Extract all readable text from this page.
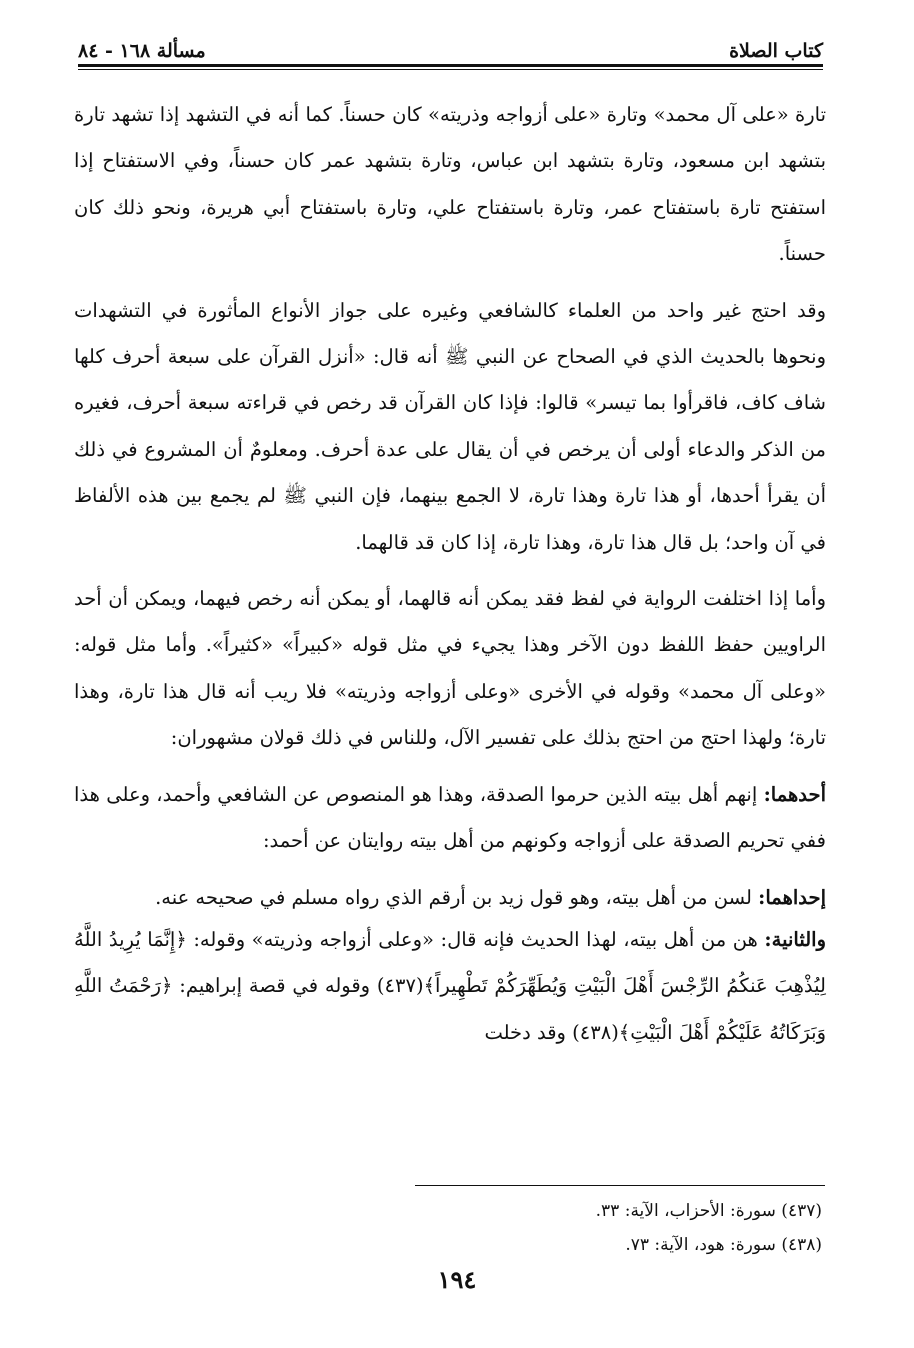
مسألة ١٦٨ - ٨٤	كتاب الصلاة

تارة «على آل محمد» وتارة «على أزواجه وذريته» كان حسناً. كما أنه في التشهد إذا تشهد تارة بتشهد ابن مسعود، وتارة بتشهد ابن عباس، وتارة بتشهد عمر كان حسناً، وفي الاستفتاح إذا استفتح تارة باستفتاح عمر، وتارة باستفتاح علي، وتارة باستفتاح أبي هريرة، ونحو ذلك كان حسناً.

وقد احتج غير واحد من العلماء كالشافعي وغيره على جواز الأنواع المأثورة في التشهدات ونحوها بالحديث الذي في الصحاح عن النبي ﷺ أنه قال: «أنزل القرآن على سبعة أحرف كلها شاف كاف، فاقرأوا بما تيسر» قالوا: فإذا كان القرآن قد رخص في قراءته سبعة أحرف، فغيره من الذكر والدعاء أولى أن يرخص في أن يقال على عدة أحرف. ومعلومٌ أن المشروع في ذلك أن يقرأ أحدها، أو هذا تارة وهذا تارة، لا الجمع بينهما، فإن النبي ﷺ لم يجمع بين هذه الألفاظ في آن واحد؛ بل قال هذا تارة، وهذا تارة، إذا كان قد قالهما.

وأما إذا اختلفت الرواية في لفظ فقد يمكن أنه قالهما، أو يمكن أنه رخص فيهما، ويمكن أن أحد الراويين حفظ اللفظ دون الآخر وهذا يجيء في مثل قوله «كبيراً» «كثيراً». وأما مثل قوله: «وعلى آل محمد» وقوله في الأخرى «وعلى أزواجه وذريته» فلا ريب أنه قال هذا تارة، وهذا تارة؛ ولهذا احتج من احتج بذلك على تفسير الآل، وللناس في ذلك قولان مشهوران:

أحدهما: إنهم أهل بيته الذين حرموا الصدقة، وهذا هو المنصوص عن الشافعي وأحمد، وعلى هذا ففي تحريم الصدقة على أزواجه وكونهم من أهل بيته روايتان عن أحمد:

إحداهما: لسن من أهل بيته، وهو قول زيد بن أرقم الذي رواه مسلم في صحيحه عنه.

والثانية: هن من أهل بيته، لهذا الحديث فإنه قال: «وعلى أزواجه وذريته» وقوله: ﴿إِنَّمَا يُرِيدُ اللَّهُ لِيُذْهِبَ عَنكُمُ الرِّجْسَ أَهْلَ الْبَيْتِ وَيُطَهِّرَكُمْ تَطْهِيراً﴾(٤٣٧) وقوله في قصة إبراهيم: ﴿رَحْمَتُ اللَّهِ وَبَرَكَاتُهُ عَلَيْكُمْ أَهْلَ الْبَيْتِ﴾(٤٣٨) وقد دخلت

(٤٣٧) سورة: الأحزاب، الآية: ٣٣.
(٤٣٨) سورة: هود، الآية: ٧٣.
١٩٤
